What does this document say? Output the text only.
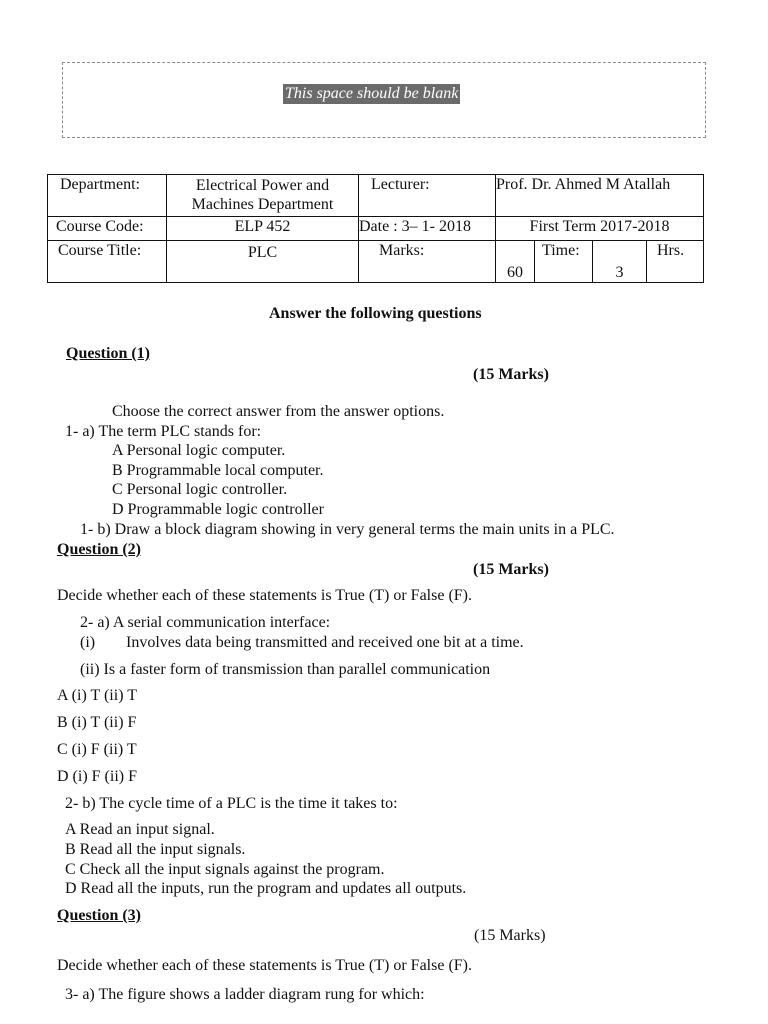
This space should be blank
Department:	Electrical Power and Machines Department	Lecturer:	Prof. Dr. Ahmed M Atallah			
Course Code:	ELP 452	Date : 3– 1- 2018	First Term 2017-2018			
Course Title:	PLC	Marks:	60	Time:	3	Hrs.
Answer the following questions
Question (1)
(15 Marks)
Choose the correct answer from the answer options.
1- a) The term PLC stands for:
A Personal logic computer.
B Programmable local computer.
C Personal logic controller.
D Programmable logic controller
1- b) Draw a block diagram showing in very general terms the main units in a PLC.
Question (2)
(15 Marks)
Decide whether each of these statements is True (T) or False (F).
2- a) A serial communication interface:
(i) Involves data being transmitted and received one bit at a time.
(ii) Is a faster form of transmission than parallel communication
A (i) T (ii) T
B (i) T (ii) F
C (i) F (ii) T
D (i) F (ii) F
2- b) The cycle time of a PLC is the time it takes to:
A Read an input signal.
B Read all the input signals.
C Check all the input signals against the program.
D Read all the inputs, run the program and updates all outputs.
Question (3)
(15 Marks)
Decide whether each of these statements is True (T) or False (F).
3- a) The figure shows a ladder diagram rung for which:
